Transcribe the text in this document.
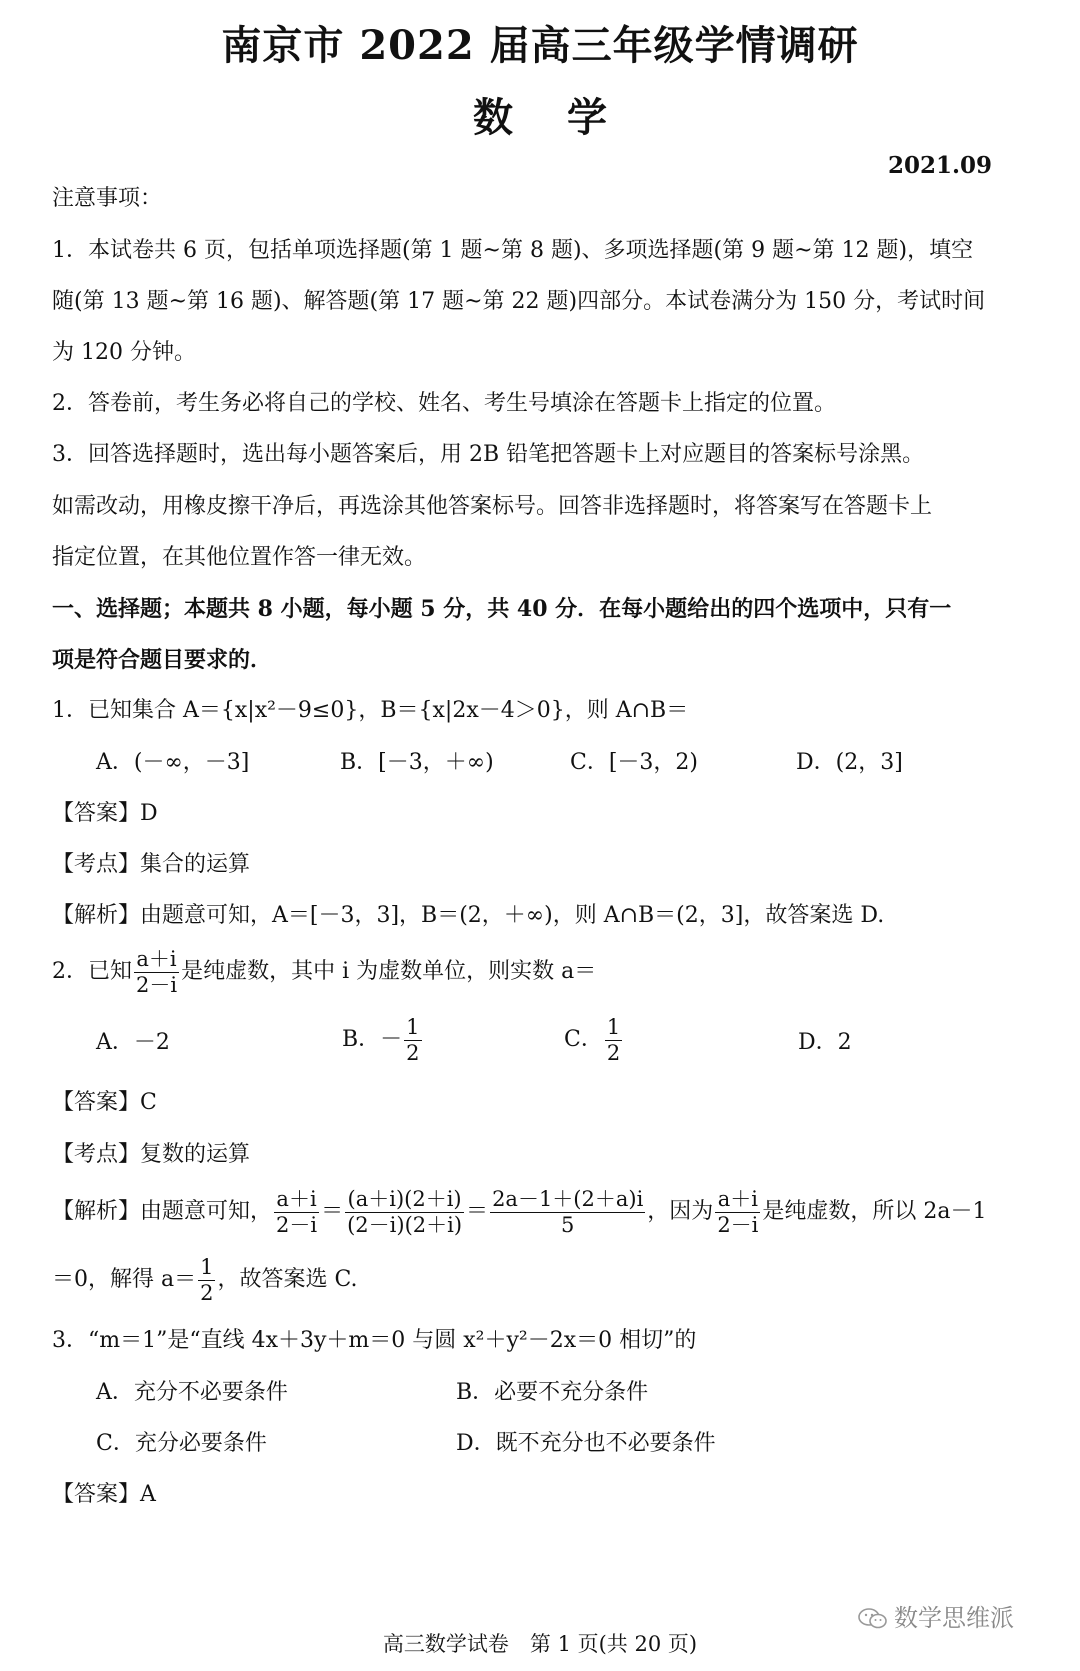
南京市 2022 届高三年级学情调研
数 学
2021.09
注意事项：
1．本试卷共 6 页，包括单项选择题(第 1 题~第 8 题)、多项选择题(第 9 题~第 12 题)，填空
随(第 13 题~第 16 题)、解答题(第 17 题~第 22 题)四部分。本试卷满分为 150 分，考试时间
为 120 分钟。
2．答卷前，考生务必将自己的学校、姓名、考生号填涂在答题卡上指定的位置。
3．回答选择题时，选出每小题答案后，用 2B 铅笔把答题卡上对应题目的答案标号涂黑。
如需改动，用橡皮擦干净后，再选涂其他答案标号。回答非选择题时，将答案写在答题卡上
指定位置，在其他位置作答一律无效。
一、选择题；本题共 8 小题，每小题 5 分，共 40 分．在每小题给出的四个选项中，只有一
项是符合题目要求的．
1．已知集合 A＝{x|x²－9≤0}，B＝{x|2x－4＞0}，则 A∩B＝
A．(－∞，－3]	B．[－3，＋∞)	C．[－3，2)	D．(2，3]
【答案】D
【考点】集合的运算
【解析】由题意可知，A＝[－3，3]，B＝(2，＋∞)，则 A∩B＝(2，3]，故答案选 D.
2．已知 $\frac{a+i}{2-i}$ 是纯虚数，其中 i 为虚数单位，则实数 a＝
A．－2	B．－ $\frac{1}{2}$	C． $\frac{1}{2}$	D．2
【答案】C
【考点】复数的运算
【解析】由题意可知， $\frac{a+i}{2-i} = \frac{(a+i)(2+i)}{(2-i)(2+i)} = \frac{2a-1+(2+a)i}{5}$ ，因为 $\frac{a+i}{2-i}$ 是纯虚数，所以 2a－1
＝0，解得 $a= \frac{1}{2}$ ，故答案选 C.
3．“m＝1”是“直线 4x＋3y＋m＝0 与圆 x²＋y²－2x＝0 相切”的
A．充分不必要条件	B．必要不充分条件
C．充分必要条件	D．既不充分也不必要条件
【答案】A
数学思维派
高三数学试卷　第 1 页(共 20 页)
